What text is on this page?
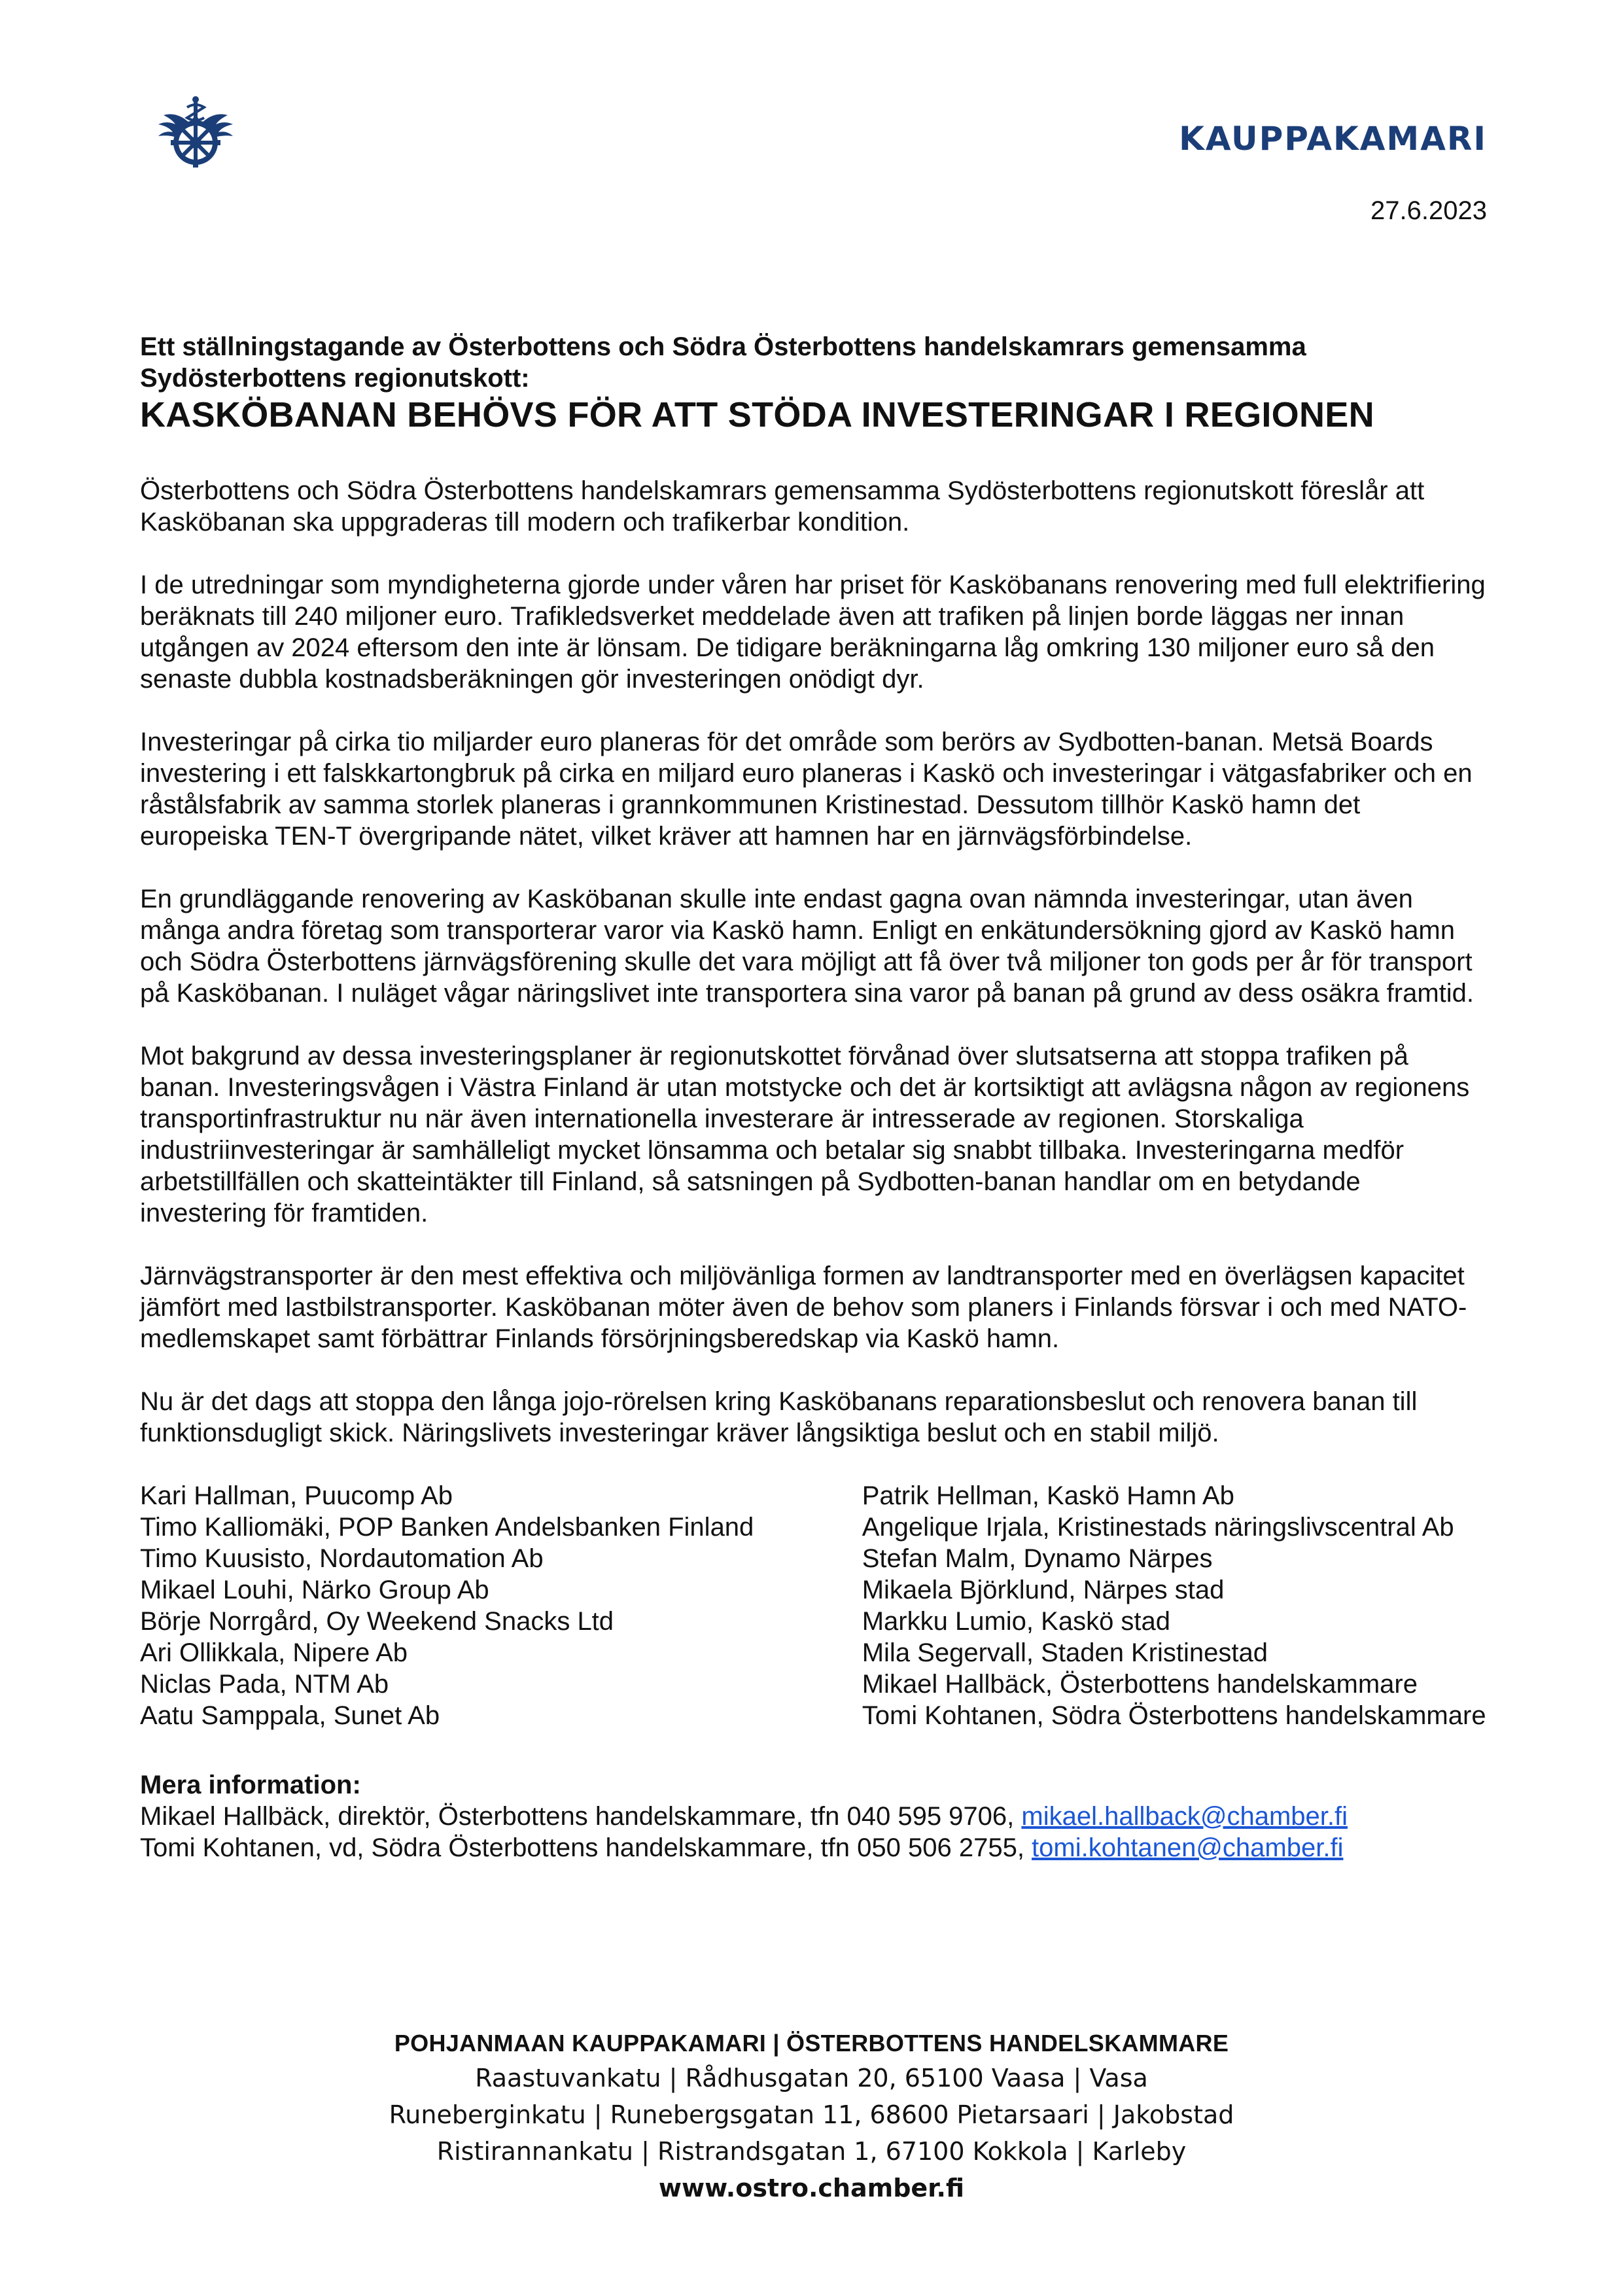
KAUPPAKAMARI
27.6.2023

Ett ställningstagande av Österbottens och Södra Österbottens handelskamrars gemensamma Sydösterbottens regionutskott:

KASKÖBANAN BEHÖVS FÖR ATT STÖDA INVESTERINGAR I REGIONEN

Österbottens och Södra Österbottens handelskamrars gemensamma Sydösterbottens regionutskott föreslår att Kasköbanan ska uppgraderas till modern och trafikerbar kondition.

I de utredningar som myndigheterna gjorde under våren har priset för Kasköbanans renovering med full elektrifiering beräknats till 240 miljoner euro. Trafikledsverket meddelade även att trafiken på linjen borde läggas ner innan utgången av 2024 eftersom den inte är lönsam. De tidigare beräkningarna låg omkring 130 miljoner euro så den senaste dubbla kostnadsberäkningen gör investeringen onödigt dyr.

Investeringar på cirka tio miljarder euro planeras för det område som berörs av Sydbotten-banan. Metsä Boards investering i ett falskkartongbruk på cirka en miljard euro planeras i Kaskö och investeringar i vätgasfabriker och en råstålsfabrik av samma storlek planeras i grannkommunen Kristinestad. Dessutom tillhör Kaskö hamn det europeiska TEN-T övergripande nätet, vilket kräver att hamnen har en järnvägsförbindelse.

En grundläggande renovering av Kasköbanan skulle inte endast gagna ovan nämnda investeringar, utan även många andra företag som transporterar varor via Kaskö hamn. Enligt en enkätundersökning gjord av Kaskö hamn och Södra Österbottens järnvägsförening skulle det vara möjligt att få över två miljoner ton gods per år för transport på Kasköbanan. I nuläget vågar näringslivet inte transportera sina varor på banan på grund av dess osäkra framtid.

Mot bakgrund av dessa investeringsplaner är regionutskottet förvånad över slutsatserna att stoppa trafiken på banan. Investeringsvågen i Västra Finland är utan motstycke och det är kortsiktigt att avlägsna någon av regionens transportinfrastruktur nu när även internationella investerare är intresserade av regionen. Storskaliga industriinvesteringar är samhälleligt mycket lönsamma och betalar sig snabbt tillbaka. Investeringarna medför arbetstillfällen och skatteintäkter till Finland, så satsningen på Sydbotten-banan handlar om en betydande investering för framtiden.

Järnvägstransporter är den mest effektiva och miljövänliga formen av landtransporter med en överlägsen kapacitet jämfört med lastbilstransporter. Kasköbanan möter även de behov som planers i Finlands försvar i och med NATO-medlemskapet samt förbättrar Finlands försörjningsberedskap via Kaskö hamn.

Nu är det dags att stoppa den långa jojo-rörelsen kring Kasköbanans reparationsbeslut och renovera banan till funktionsdugligt skick. Näringslivets investeringar kräver långsiktiga beslut och en stabil miljö.

Kari Hallman, Puucomp Ab
Timo Kalliomäki, POP Banken Andelsbanken Finland
Timo Kuusisto, Nordautomation Ab
Mikael Louhi, Närko Group Ab
Börje Norrgård, Oy Weekend Snacks Ltd
Ari Ollikkala, Nipere Ab
Niclas Pada, NTM Ab
Aatu Samppala, Sunet Ab
Patrik Hellman, Kaskö Hamn Ab
Angelique Irjala, Kristinestads näringslivscentral Ab
Stefan Malm, Dynamo Närpes
Mikaela Björklund, Närpes stad
Markku Lumio, Kaskö stad
Mila Segervall, Staden Kristinestad
Mikael Hallbäck, Österbottens handelskammare
Tomi Kohtanen, Södra Österbottens handelskammare
Mera information:
Mikael Hallbäck, direktör, Österbottens handelskammare, tfn 040 595 9706, mikael.hallback@chamber.fi
Tomi Kohtanen, vd, Södra Österbottens handelskammare, tfn 050 506 2755, tomi.kohtanen@chamber.fi
POHJANMAAN KAUPPAKAMARI | ÖSTERBOTTENS HANDELSKAMMARE
Raastuvankatu | Rådhusgatan 20, 65100 Vaasa | Vasa
Runeberginkatu | Runebergsgatan 11, 68600 Pietarsaari | Jakobstad
Ristirannankatu | Ristrandsgatan 1, 67100 Kokkola | Karleby
www.ostro.chamber.fi
